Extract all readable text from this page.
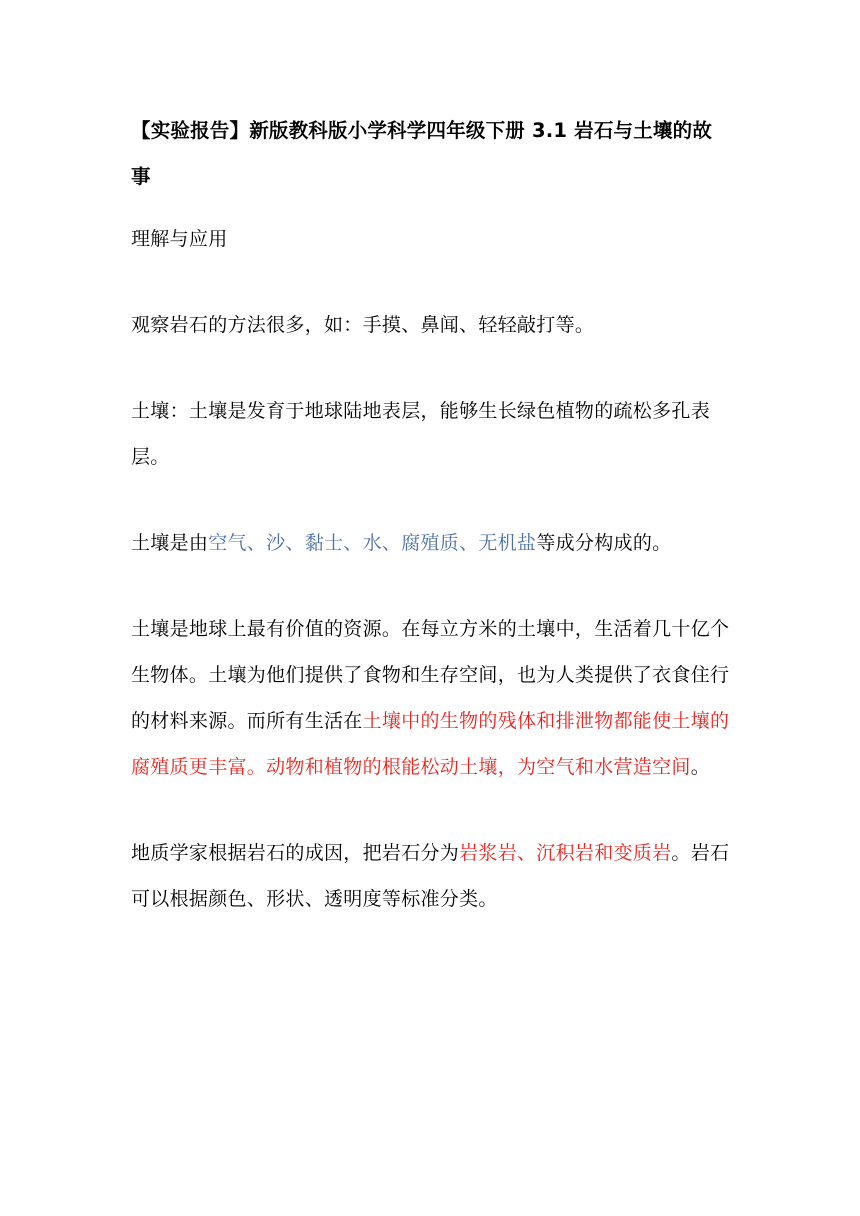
【实验报告】新版教科版小学科学四年级下册 3.1 岩石与土壤的故事

理解与应用

观察岩石的方法很多，如：手摸、鼻闻、轻轻敲打等。

土壤：土壤是发育于地球陆地表层，能够生长绿色植物的疏松多孔表层。

土壤是由空气、沙、黏士、水、腐殖质、无机盐等成分构成的。

土壤是地球上最有价值的资源。在每立方米的土壤中，生活着几十亿个生物体。土壤为他们提供了食物和生存空间，也为人类提供了衣食住行的材料来源。而所有生活在土壤中的生物的残体和排泄物都能使土壤的腐殖质更丰富。动物和植物的根能松动土壤，为空气和水营造空间。

地质学家根据岩石的成因，把岩石分为岩浆岩、沉积岩和变质岩。岩石可以根据颜色、形状、透明度等标准分类。
